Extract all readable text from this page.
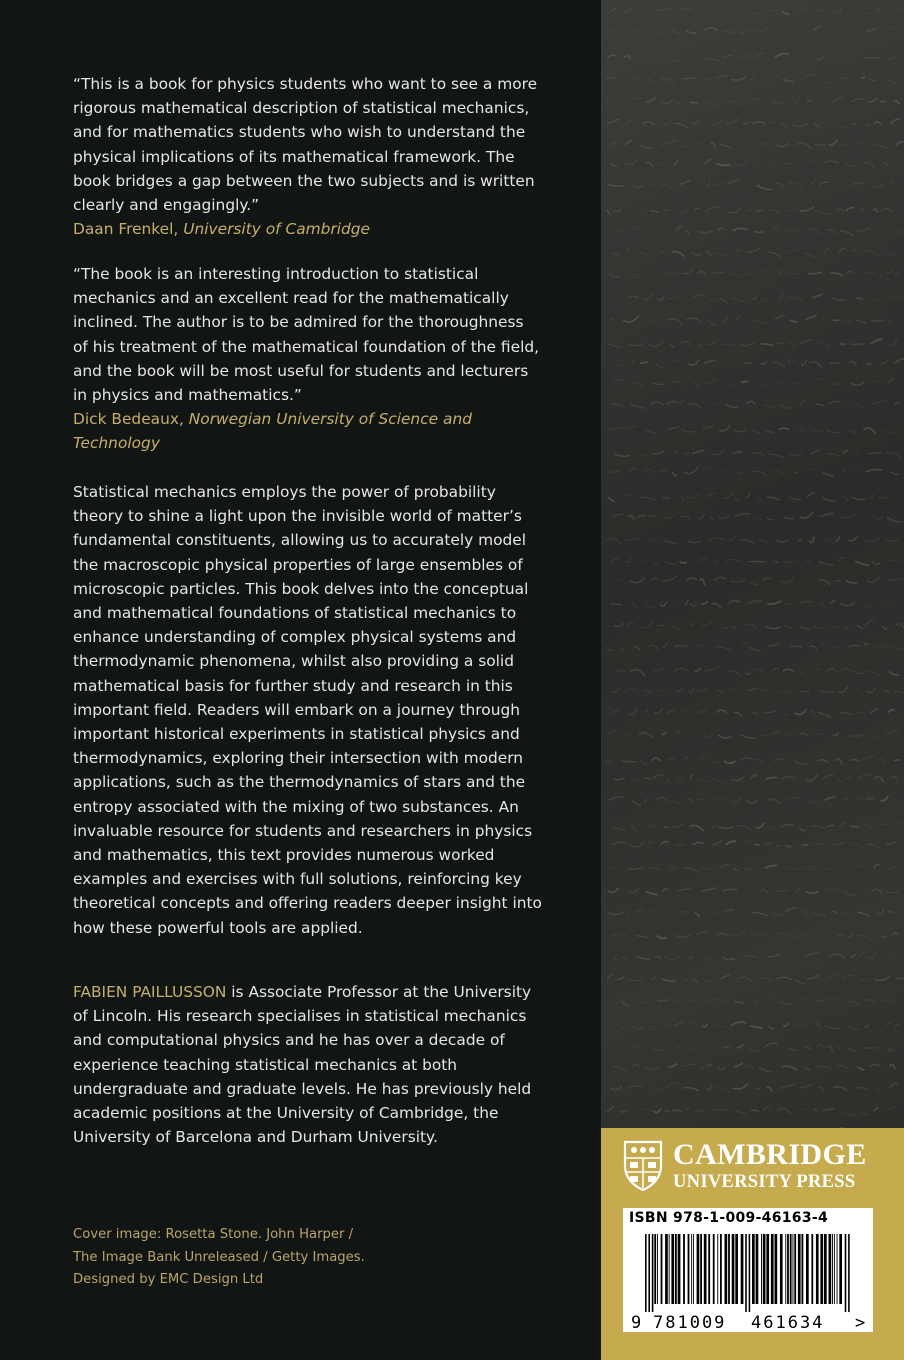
“This is a book for physics students who want to see a more rigorous mathematical description of statistical mechanics, and for mathematics students who wish to understand the physical implications of its mathematical framework. The book bridges a gap between the two subjects and is written clearly and engagingly.”
Daan Frenkel, University of Cambridge
“The book is an interesting introduction to statistical mechanics and an excellent read for the mathematically inclined. The author is to be admired for the thoroughness of his treatment of the mathematical foundation of the field, and the book will be most useful for students and lecturers in physics and mathematics.”
Dick Bedeaux, Norwegian University of Science and Technology
Statistical mechanics employs the power of probability theory to shine a light upon the invisible world of matter’s fundamental constituents, allowing us to accurately model the macroscopic physical properties of large ensembles of microscopic particles. This book delves into the conceptual and mathematical foundations of statistical mechanics to enhance understanding of complex physical systems and thermodynamic phenomena, whilst also providing a solid mathematical basis for further study and research in this important field. Readers will embark on a journey through important historical experiments in statistical physics and thermodynamics, exploring their intersection with modern applications, such as the thermodynamics of stars and the entropy associated with the mixing of two substances. An invaluable resource for students and researchers in physics and mathematics, this text provides numerous worked examples and exercises with full solutions, reinforcing key theoretical concepts and offering readers deeper insight into how these powerful tools are applied.
FABIEN PAILLUSSON is Associate Professor at the University of Lincoln. His research specialises in statistical mechanics and computational physics and he has over a decade of experience teaching statistical mechanics at both undergraduate and graduate levels. He has previously held academic positions at the University of Cambridge, the University of Barcelona and Durham University.
Cover image: Rosetta Stone. John Harper /
The Image Bank Unreleased / Getty Images.
Designed by EMC Design Ltd
CAMBRIDGE
UNIVERSITY PRESS
ISBN 978-1-009-46163-4
9 781009 461634 >
